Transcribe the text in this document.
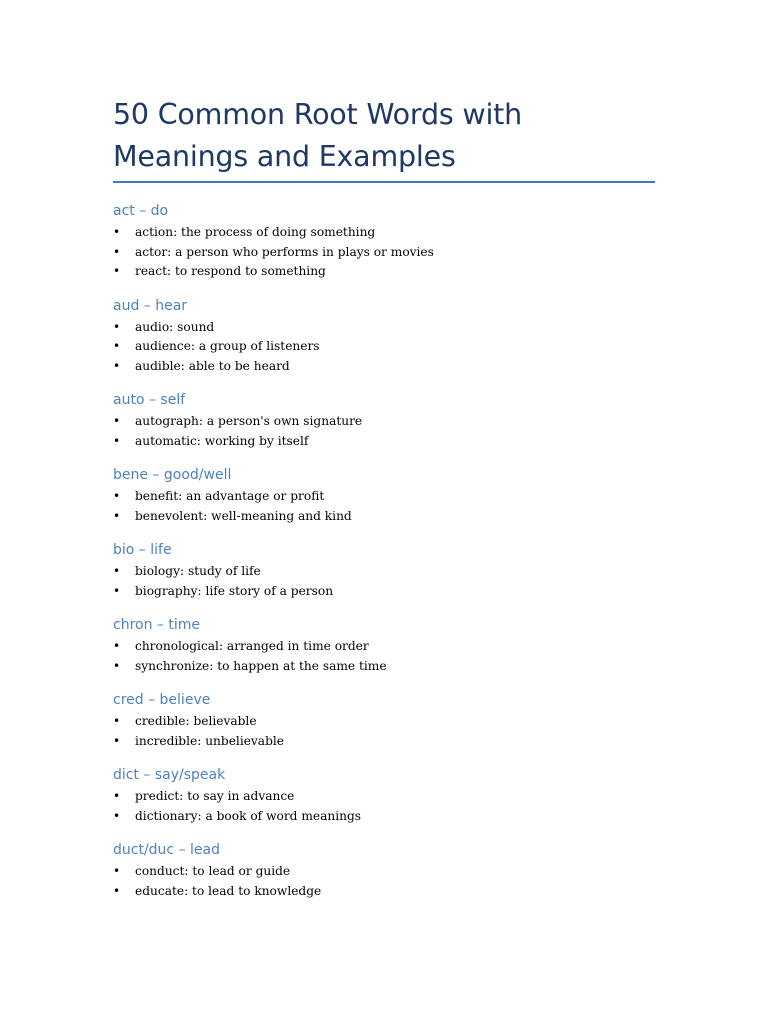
50 Common Root Words with Meanings and Examples
act – do
• action: the process of doing something
• actor: a person who performs in plays or movies
• react: to respond to something
aud – hear
• audio: sound
• audience: a group of listeners
• audible: able to be heard
auto – self
• autograph: a person's own signature
• automatic: working by itself
bene – good/well
• benefit: an advantage or profit
• benevolent: well-meaning and kind
bio – life
• biology: study of life
• biography: life story of a person
chron – time
• chronological: arranged in time order
• synchronize: to happen at the same time
cred – believe
• credible: believable
• incredible: unbelievable
dict – say/speak
• predict: to say in advance
• dictionary: a book of word meanings
duct/duc – lead
• conduct: to lead or guide
• educate: to lead to knowledge
